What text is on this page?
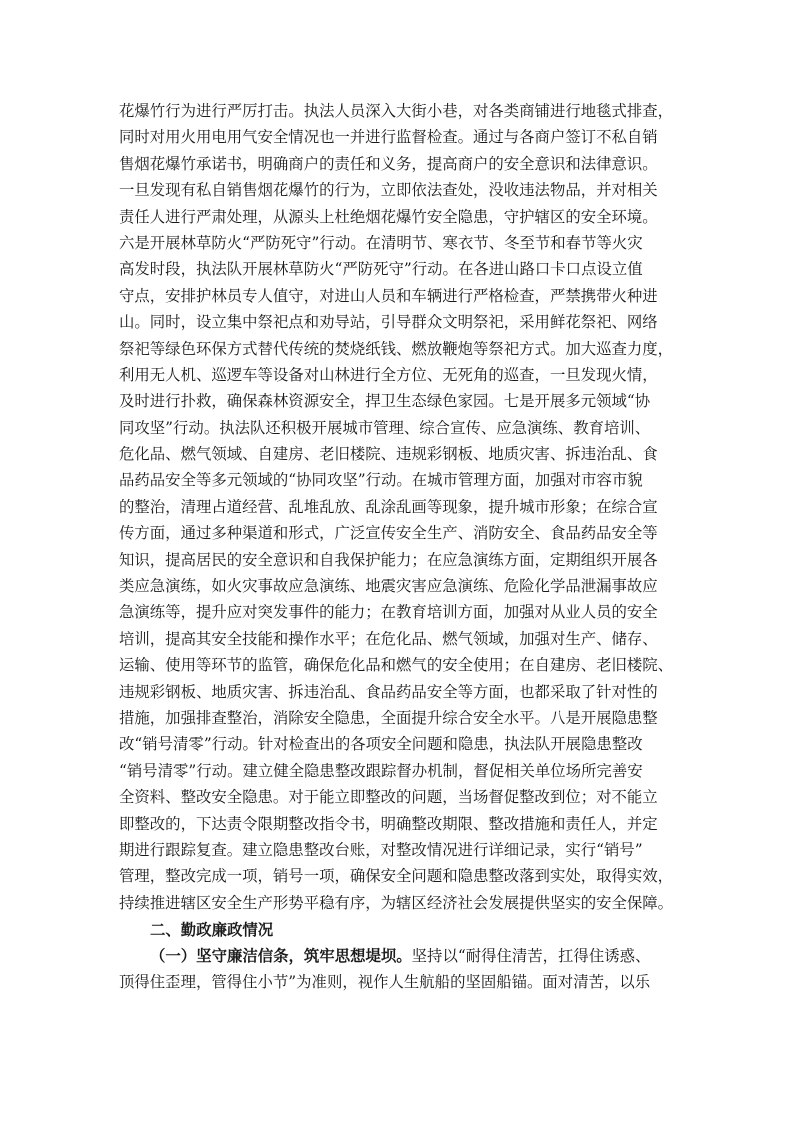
花爆竹行为进行严厉打击。执法人员深入大街小巷，对各类商铺进行地毯式排查，
同时对用火用电用气安全情况也一并进行监督检查。通过与各商户签订不私自销
售烟花爆竹承诺书，明确商户的责任和义务，提高商户的安全意识和法律意识。
一旦发现有私自销售烟花爆竹的行为，立即依法查处，没收违法物品，并对相关
责任人进行严肃处理，从源头上杜绝烟花爆竹安全隐患，守护辖区的安全环境。
六是开展林草防火“严防死守”行动。在清明节、寒衣节、冬至节和春节等火灾
高发时段，执法队开展林草防火“严防死守”行动。在各进山路口卡口点设立值
守点，安排护林员专人值守，对进山人员和车辆进行严格检查，严禁携带火种进
山。同时，设立集中祭祀点和劝导站，引导群众文明祭祀，采用鲜花祭祀、网络
祭祀等绿色环保方式替代传统的焚烧纸钱、燃放鞭炮等祭祀方式。加大巡查力度，
利用无人机、巡逻车等设备对山林进行全方位、无死角的巡查，一旦发现火情，
及时进行扑救，确保森林资源安全，捍卫生态绿色家园。七是开展多元领域“协
同攻坚”行动。执法队还积极开展城市管理、综合宣传、应急演练、教育培训、
危化品、燃气领域、自建房、老旧楼院、违规彩钢板、地质灾害、拆违治乱、食
品药品安全等多元领域的“协同攻坚”行动。在城市管理方面，加强对市容市貌
的整治，清理占道经营、乱堆乱放、乱涂乱画等现象，提升城市形象；在综合宣
传方面，通过多种渠道和形式，广泛宣传安全生产、消防安全、食品药品安全等
知识，提高居民的安全意识和自我保护能力；在应急演练方面，定期组织开展各
类应急演练，如火灾事故应急演练、地震灾害应急演练、危险化学品泄漏事故应
急演练等，提升应对突发事件的能力；在教育培训方面，加强对从业人员的安全
培训，提高其安全技能和操作水平；在危化品、燃气领域，加强对生产、储存、
运输、使用等环节的监管，确保危化品和燃气的安全使用；在自建房、老旧楼院、
违规彩钢板、地质灾害、拆违治乱、食品药品安全等方面，也都采取了针对性的
措施，加强排查整治，消除安全隐患，全面提升综合安全水平。八是开展隐患整
改“销号清零”行动。针对检查出的各项安全问题和隐患，执法队开展隐患整改
“销号清零”行动。建立健全隐患整改跟踪督办机制，督促相关单位场所完善安
全资料、整改安全隐患。对于能立即整改的问题，当场督促整改到位；对不能立
即整改的，下达责令限期整改指令书，明确整改期限、整改措施和责任人，并定
期进行跟踪复查。建立隐患整改台账，对整改情况进行详细记录，实行“销号”
管理，整改完成一项，销号一项，确保安全问题和隐患整改落到实处，取得实效，
持续推进辖区安全生产形势平稳有序，为辖区经济社会发展提供坚实的安全保障。
二、勤政廉政情况
（一）坚守廉洁信条，筑牢思想堤坝。坚持以“耐得住清苦，扛得住诱惑、
顶得住歪理，管得住小节”为准则，视作人生航船的坚固船锚。面对清苦，以乐
